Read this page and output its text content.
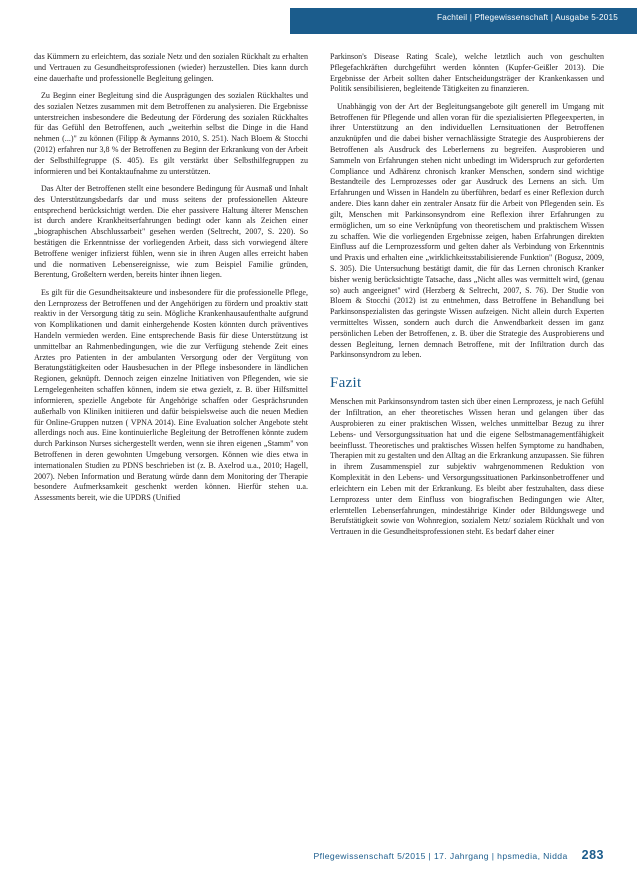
Fachteil | Pflegewissenschaft | Ausgabe 5-2015

das Kümmern zu erleichtern, das soziale Netz und den sozialen Rückhalt zu erhalten und Vertrauen zu Gesundheitsprofessionen (wieder) herzustellen. Dies kann durch eine dauerhafte und professionelle Begleitung gelingen.

Zu Beginn einer Begleitung sind die Ausprägungen des sozialen Rückhaltes und des sozialen Netzes zusammen mit dem Betroffenen zu analysieren. Die Ergebnisse unterstreichen insbesondere die Bedeutung der Förderung des sozialen Rückhaltes für das Gefühl den Betroffenen, auch „weiterhin selbst die Dinge in die Hand nehmen (...)" zu können (Filipp & Aymanns 2010, S. 251). Nach Bloem & Stocchi (2012) erfahren nur 3,8 % der Betroffenen zu Beginn der Erkrankung von der Arbeit der Selbsthilfegruppe (S. 405). Es gilt verstärkt über Selbsthilfegruppen zu informieren und bei Kontaktaufnahme zu unterstützen.

Das Alter der Betroffenen stellt eine besondere Bedingung für Ausmaß und Inhalt des Unterstützungsbedarfs dar und muss seitens der professionellen Akteure entsprechend berücksichtigt werden. Die eher passivere Haltung älterer Menschen ist durch andere Krankheitserfahrungen bedingt oder kann als Zeichen einer „biographischen Abschlussarbeit" gesehen werden (Seltrecht, 2007, S. 220). So bestätigen die Erkenntnisse der vorliegenden Arbeit, dass sich vorwiegend ältere Betroffene weniger infizierst fühlen, wenn sie in ihren Augen alles erreicht haben und die normativen Lebensereignisse, wie zum Beispiel Familie gründen, Berentung, Großeltern werden, bereits hinter ihnen liegen.

Es gilt für die Gesundheitsakteure und insbesondere für die professionelle Pflege, den Lernprozess der Betroffenen und der Angehörigen zu fördern und proaktiv statt reaktiv in der Versorgung tätig zu sein. Mögliche Krankenhausaufenthalte aufgrund von Komplikationen und damit einhergehende Kosten könnten durch präventives Handeln vermieden werden. Eine entsprechende Basis für diese Unterstützung ist unmittelbar an Rahmenbedingungen, wie die zur Verfügung stehende Zeit eines Arztes pro Patienten in der ambulanten Versorgung oder der Vergütung von Beratungstätigkeiten oder Hausbesuchen in der Pflege insbesondere in ländlichen Regionen, geknüpft. Dennoch zeigen einzelne Initiativen von Pflegenden, wie sie Lerngelegenheiten schaffen können, indem sie etwa gezielt, z. B. über Hilfsmittel informieren, spezielle Angebote für Angehörige schaffen oder Gesprächsrunden außerhalb von Kliniken initiieren und dafür beispielsweise auch die neuen Medien für Online-Gruppen nutzen ( VPNA 2014). Eine Evaluation solcher Angebote steht allerdings noch aus. Eine kontinuierliche Begleitung der Betroffenen könnte zudem durch Parkinson Nurses sichergestellt werden, wenn sie ihren eigenen „Stamm" von Betroffenen in deren gewohnten Umgebung versorgen. Können wie dies etwa in internationalen Studien zu PDNS beschrieben ist (z. B. Axelrod u.a., 2010; Hagell, 2007). Neben Information und Beratung würde dann dem Monitoring der Therapie besondere Aufmerksamkeit geschenkt werden können. Hierfür stehen u.a. Assessments bereit, wie die UPDRS (Unified

Parkinson's Disease Rating Scale), welche letztlich auch von geschulten Pflegefachkräften durchgeführt werden könnten (Kupfer-Geißler 2013). Die Ergebnisse der Arbeit sollten daher Entscheidungsträger der Krankenkassen und Politik sensibilisieren, begleitende Tätigkeiten zu finanzieren.

Unabhängig von der Art der Begleitungsangebote gilt generell im Umgang mit Betroffenen für Pflegende und allen voran für die spezialisierten Pflegeexperten, in ihrer Unterstützung an den individuellen Lernsituationen der Betroffenen anzuknüpfen und die dabei bisher vernachlässigte Strategie des Ausprobierens der Betroffenen als Ausdruck des Leberlernens zu begreifen. Ausprobieren und Sammeln von Erfahrungen stehen nicht unbedingt im Widerspruch zur geforderten Compliance und Adhärenz chronisch kranker Menschen, sondern sind wichtige Bestandteile des Lernprozesses oder gar Ausdruck des Lernens an sich. Um Erfahrungen und Wissen in Handeln zu überführen, bedarf es einer Reflexion durch andere. Dies kann daher ein zentraler Ansatz für die Arbeit von Pflegenden sein. Es gilt, Menschen mit Parkinsonsyndrom eine Reflexion ihrer Erfahrungen zu ermöglichen, um so eine Verknüpfung von theoretischem und praktischem Wissen zu schaffen. Wie die vorliegenden Ergebnisse zeigen, haben Erfahrungen direkten Einfluss auf die Lernprozessform und gelten daher als Verbindung von Erkenntnis und Praxis und erhalten eine „wirklichkeitsstabilisierende Funktion" (Bogusz, 2009, S. 305). Die Untersuchung bestätigt damit, die für das Lernen chronisch Kranker bisher wenig berücksichtigte Tatsache, dass „Nicht alles was vermittelt wird, (genau so) auch angeeignet" wird (Herzberg & Seltrecht, 2007, S. 76). Der Studie von Bloem & Stocchi (2012) ist zu entnehmen, dass Betroffene in Behandlung bei Parkinsonspezialisten das geringste Wissen aufzeigen. Nicht allein durch Experten vermitteltes Wissen, sondern auch durch die Anwendbarkeit dessen im ganz persönlichen Leben der Betroffenen, z. B. über die Strategie des Ausprobierens und dessen Begleitung, lernen demnach Betroffene, mit der Infiltration durch das Parkinsonsyndrom zu leben.

Fazit

Menschen mit Parkinsonsyndrom tasten sich über einen Lernprozess, je nach Gefühl der Infiltration, an eher theoretisches Wissen heran und gelangen über das Ausprobieren zu einer praktischen Wissen, welches unmittelbar Bezug zu ihrer Lebens- und Versorgungssituation hat und die eigene Selbstmanagementfähigkeit beeinflusst. Theoretisches und praktisches Wissen helfen Symptome zu handhaben, Therapien mit zu gestalten und den Alltag an die Erkrankung anzupassen. Sie führen in ihrem Zusammenspiel zur subjektiv wahrgenommenen Reduktion von Komplexität in den Lebens- und Versorgungssituationen Parkinsonbetroffener und erleichtern ein Leben mit der Erkrankung. Es bleibt aber festzuhalten, dass diese Lernprozess unter dem Einfluss von biografischen Bedingungen wie Alter, erlerntellen Lebenserfahrungen, mindestährige Kinder oder Bildungswege und Berufstätigkeit sowie von Wohnregion, sozialem Netz/ sozialem Rückhalt und von Vertrauen in die Gesundheitsprofessionen steht. Es bedarf daher einer

Pflegewissenschaft 5/2015 | 17. Jahrgang | hpsmedia, Nidda 283
